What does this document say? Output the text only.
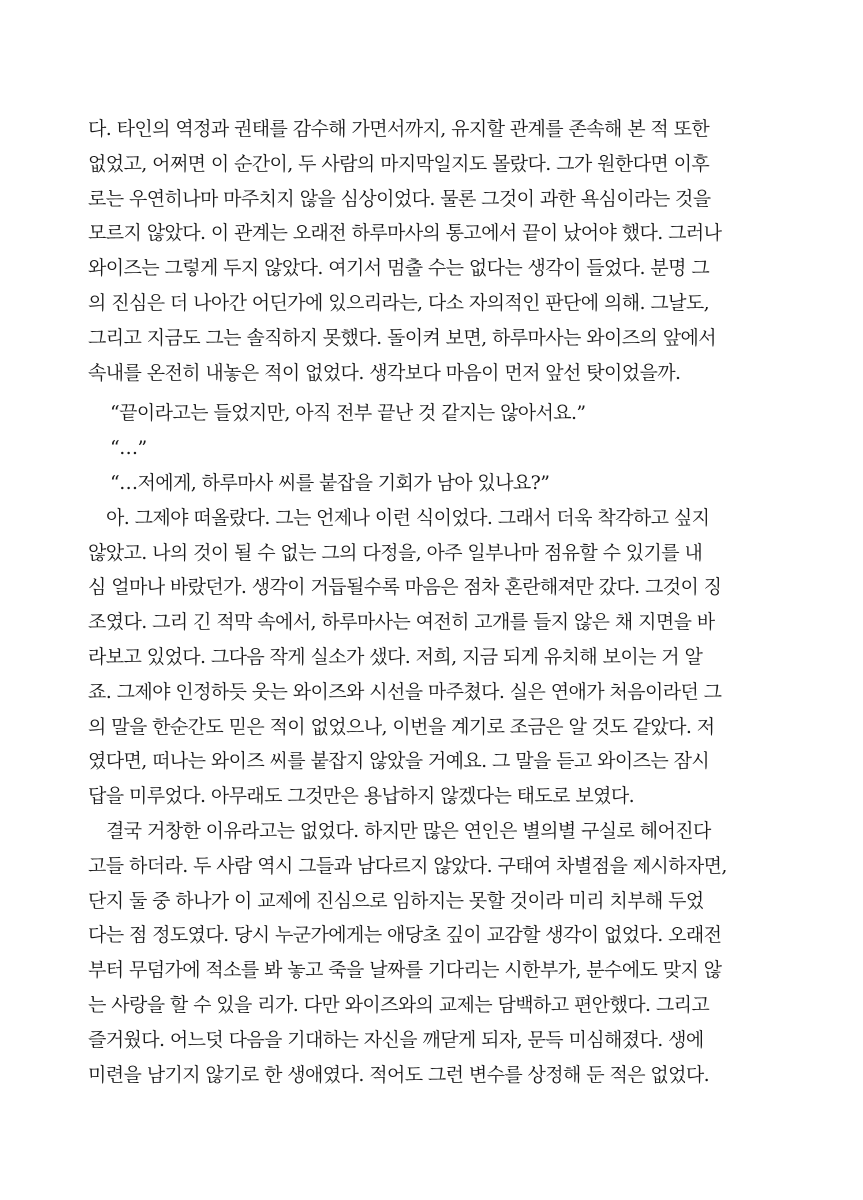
다. 타인의 역정과 권태를 감수해 가면서까지, 유지할 관계를 존속해 본 적 또한
없었고, 어쩌면 이 순간이, 두 사람의 마지막일지도 몰랐다. 그가 원한다면 이후
로는 우연히나마 마주치지 않을 심상이었다. 물론 그것이 과한 욕심이라는 것을
모르지 않았다. 이 관계는 오래전 하루마사의 통고에서 끝이 났어야 했다. 그러나
와이즈는 그렇게 두지 않았다. 여기서 멈출 수는 없다는 생각이 들었다. 분명 그
의 진심은 더 나아간 어딘가에 있으리라는, 다소 자의적인 판단에 의해. 그날도,
그리고 지금도 그는 솔직하지 못했다. 돌이켜 보면, 하루마사는 와이즈의 앞에서
속내를 온전히 내놓은 적이 없었다. 생각보다 마음이 먼저 앞선 탓이었을까.
“끝이라고는 들었지만, 아직 전부 끝난 것 같지는 않아서요.”
“…”
“…저에게, 하루마사 씨를 붙잡을 기회가 남아 있나요?”
아. 그제야 떠올랐다. 그는 언제나 이런 식이었다. 그래서 더욱 착각하고 싶지
않았고. 나의 것이 될 수 없는 그의 다정을, 아주 일부나마 점유할 수 있기를 내
심 얼마나 바랐던가. 생각이 거듭될수록 마음은 점차 혼란해져만 갔다. 그것이 징
조였다. 그리 긴 적막 속에서, 하루마사는 여전히 고개를 들지 않은 채 지면을 바
라보고 있었다. 그다음 작게 실소가 샜다. 저희, 지금 되게 유치해 보이는 거 알
죠. 그제야 인정하듯 웃는 와이즈와 시선을 마주쳤다. 실은 연애가 처음이라던 그
의 말을 한순간도 믿은 적이 없었으나, 이번을 계기로 조금은 알 것도 같았다. 저
였다면, 떠나는 와이즈 씨를 붙잡지 않았을 거예요. 그 말을 듣고 와이즈는 잠시
답을 미루었다. 아무래도 그것만은 용납하지 않겠다는 태도로 보였다.
결국 거창한 이유라고는 없었다. 하지만 많은 연인은 별의별 구실로 헤어진다
고들 하더라. 두 사람 역시 그들과 남다르지 않았다. 구태여 차별점을 제시하자면,
단지 둘 중 하나가 이 교제에 진심으로 임하지는 못할 것이라 미리 치부해 두었
다는 점 정도였다. 당시 누군가에게는 애당초 깊이 교감할 생각이 없었다. 오래전
부터 무덤가에 적소를 봐 놓고 죽을 날짜를 기다리는 시한부가, 분수에도 맞지 않
는 사랑을 할 수 있을 리가. 다만 와이즈와의 교제는 담백하고 편안했다. 그리고
즐거웠다. 어느덧 다음을 기대하는 자신을 깨닫게 되자, 문득 미심해졌다. 생에
미련을 남기지 않기로 한 생애였다. 적어도 그런 변수를 상정해 둔 적은 없었다.
